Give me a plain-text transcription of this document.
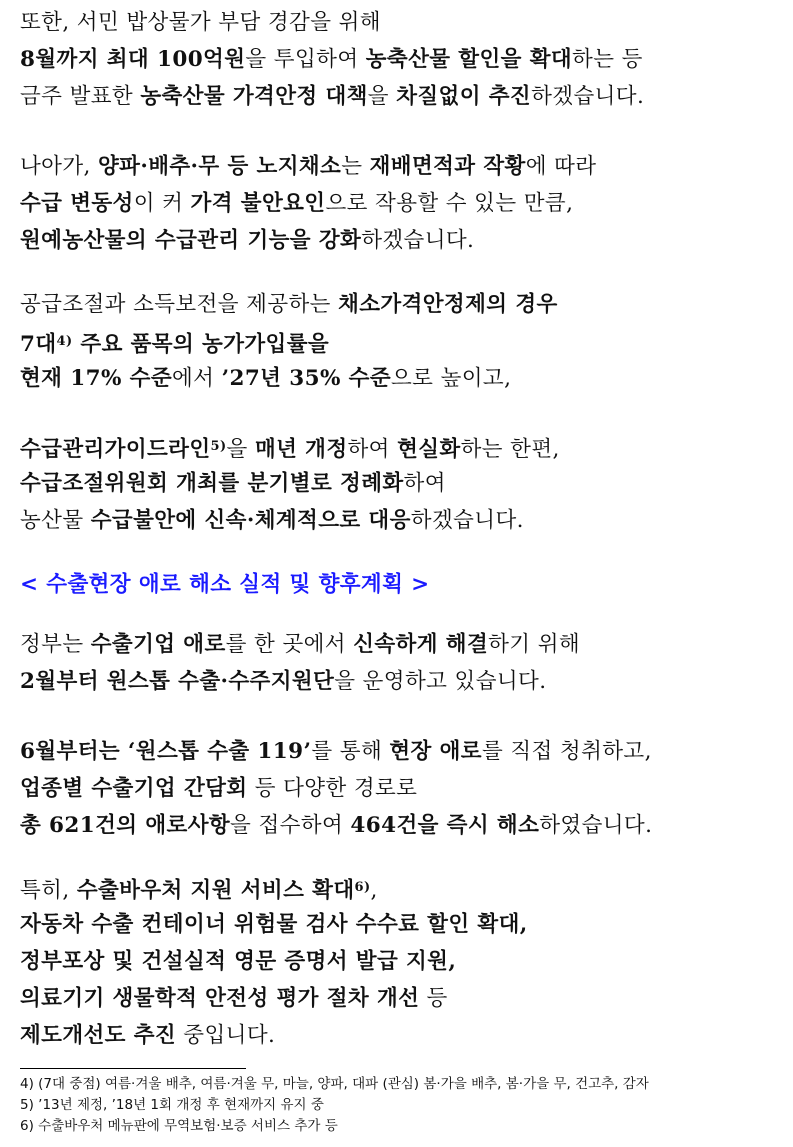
또한, 서민 밥상물가 부담 경감을 위해
8월까지 최대 100억원을 투입하여 농축산물 할인을 확대하는 등
금주 발표한 농축산물 가격안정 대책을 차질없이 추진하겠습니다.
나아가, 양파·배추·무 등 노지채소는 재배면적과 작황에 따라
수급 변동성이 커 가격 불안요인으로 작용할 수 있는 만큼,
원예농산물의 수급관리 기능을 강화하겠습니다.
공급조절과 소득보전을 제공하는 채소가격안정제의 경우
7대$^{4)}$ 주요 품목의 농가가입률을
현재 17% 수준에서 ’27년 35% 수준으로 높이고,
수급관리가이드라인$^{5)}$을 매년 개정하여 현실화하는 한편,
수급조절위원회 개최를 분기별로 정례화하여
농산물 수급불안에 신속·체계적으로 대응하겠습니다.
< 수출현장 애로 해소 실적 및 향후계획 >
정부는 수출기업 애로를 한 곳에서 신속하게 해결하기 위해
2월부터 원스톱 수출·수주지원단을 운영하고 있습니다.
6월부터는 ‘원스톱 수출 119’를 통해 현장 애로를 직접 청취하고,
업종별 수출기업 간담회 등 다양한 경로로
총 621건의 애로사항을 접수하여 464건을 즉시 해소하였습니다.
특히, 수출바우처 지원 서비스 확대$^{6)}$,
자동차 수출 컨테이너 위험물 검사 수수료 할인 확대,
정부포상 및 건설실적 영문 증명서 발급 지원,
의료기기 생물학적 안전성 평가 절차 개선 등
제도개선도 추진 중입니다.
4) (7대 중점) 여름·겨울 배추, 여름·겨울 무, 마늘, 양파, 대파 (관심) 봄·가을 배추, 봄·가을 무, 건고추, 감자
5) ’13년 제정, ’18년 1회 개정 후 현재까지 유지 중
6) 수출바우처 메뉴판에 무역보험·보증 서비스 추가 등
